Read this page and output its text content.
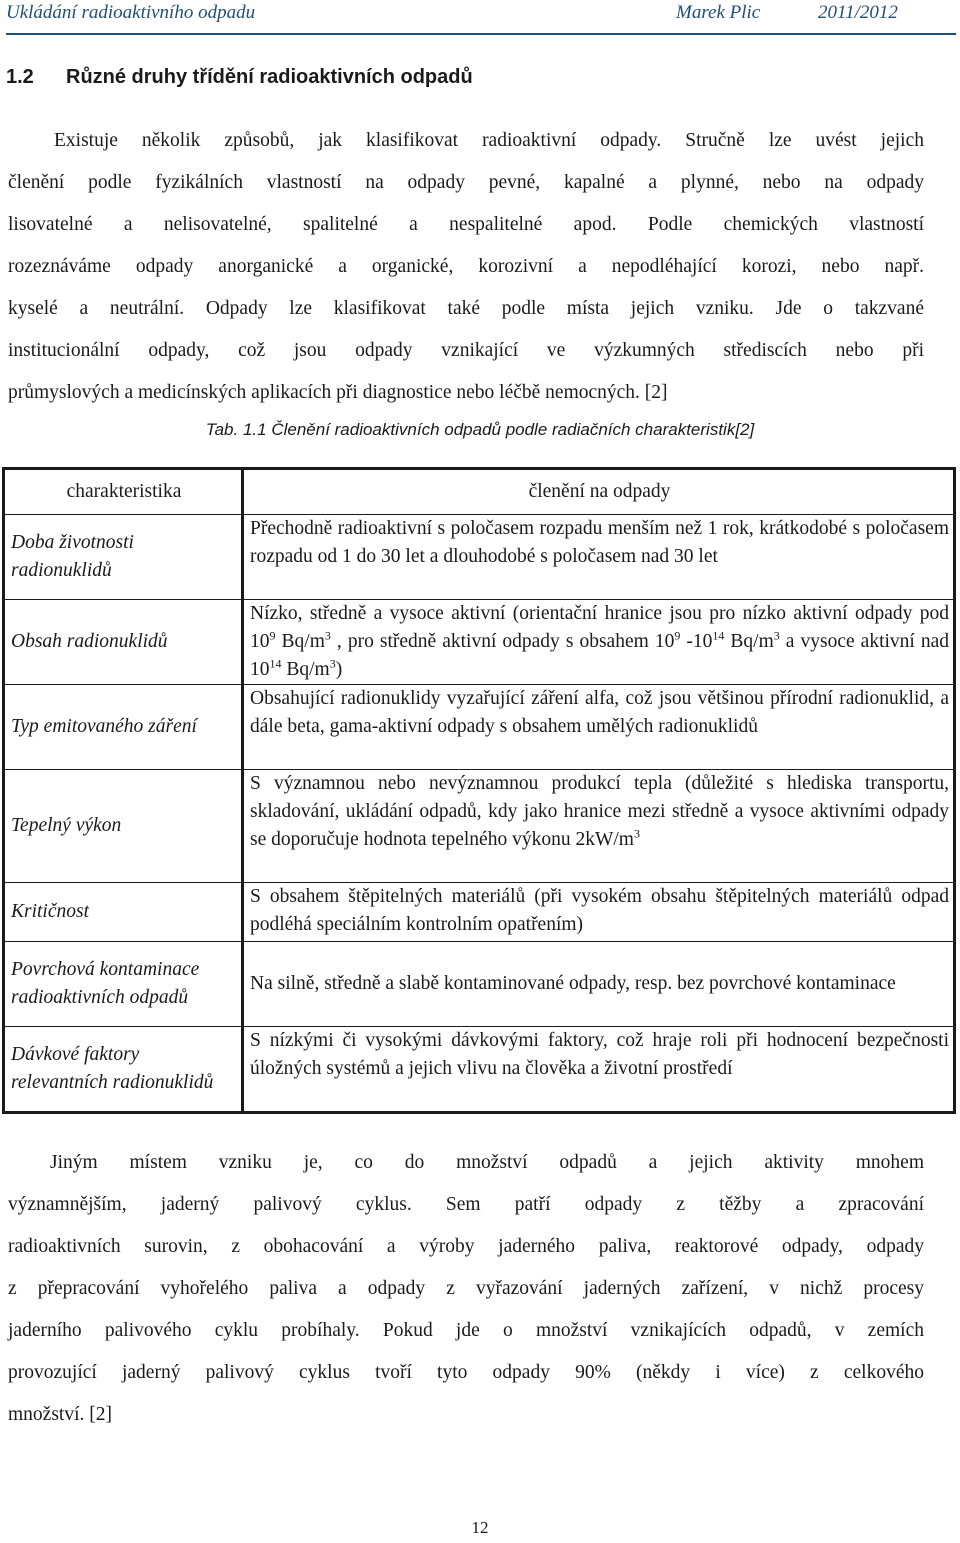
Ukládání radioaktivního odpadu	Marek Plic	2011/2012
1.2 Různé druhy třídění radioaktivních odpadů
Existuje několik způsobů, jak klasifikovat radioaktivní odpady. Stručně lze uvést jejich
členění podle fyzikálních vlastností na odpady pevné, kapalné a plynné, nebo na odpady
lisovatelné a nelisovatelné, spalitelné a nespalitelné apod. Podle chemických vlastností
rozeznáváme odpady anorganické a organické, korozivní a nepodléhající korozi, nebo např.
kyselé a neutrální. Odpady lze klasifikovat také podle místa jejich vzniku. Jde o takzvané
institucionální odpady, což jsou odpady vznikající ve výzkumných střediscích nebo při
průmyslových a medicínských aplikacích při diagnostice nebo léčbě nemocných. [2]

Tab. 1.1 Členění radioaktivních odpadů podle radiačních charakteristik[2]

charakteristika	členění na odpady
Doba životnosti radionuklidů	Přechodně radioaktivní s poločasem rozpadu menším než 1 rok, krátkodobé s poločasem rozpadu od 1 do 30 let a dlouhodobé s poločasem nad 30 let
Obsah radionuklidů	Nízko, středně a vysoce aktivní (orientační hranice jsou pro nízko aktivní odpady pod $10^9$ $Bq/m^3$ , pro středně aktivní odpady s obsahem $10^9$ $-10^{14}$ $Bq/m^3$ a vysoce aktivní nad $10^{14}$ $Bq/m^3$)
Typ emitovaného záření	Obsahující radionuklidy vyzařující záření alfa, což jsou většinou přírodní radionuklid, a dále beta, gama-aktivní odpady s obsahem umělých radionuklidů
Tepelný výkon	S významnou nebo nevýznamnou produkcí tepla (důležité s hlediska transportu, skladování, ukládání odpadů, kdy jako hranice mezi středně a vysoce aktivními odpady se doporučuje hodnota tepelného výkonu $2kW/m^3$
Kritičnost	S obsahem štěpitelných materiálů (při vysokém obsahu štěpitelných materiálů odpad podléhá speciálním kontrolním opatřením)
Povrchová kontaminace radioaktivních odpadů	Na silně, středně a slabě kontaminované odpady, resp. bez povrchové kontaminace
Dávkové faktory relevantních radionuklidů	S nízkými či vysokými dávkovými faktory, což hraje roli při hodnocení bezpečnosti úložných systémů a jejich vlivu na člověka a životní prostředí
Jiným místem vzniku je, co do množství odpadů a jejich aktivity mnohem
významnějším, jaderný palivový cyklus. Sem patří odpady z těžby a zpracování
radioaktivních surovin, z obohacování a výroby jaderného paliva, reaktorové odpady, odpady
z přepracování vyhořelého paliva a odpady z vyřazování jaderných zařízení, v nichž procesy
jaderního palivového cyklu probíhaly. Pokud jde o množství vznikajících odpadů, v zemích
provozující jaderný palivový cyklus tvoří tyto odpady 90% (někdy i více) z celkového
množství. [2]
12
